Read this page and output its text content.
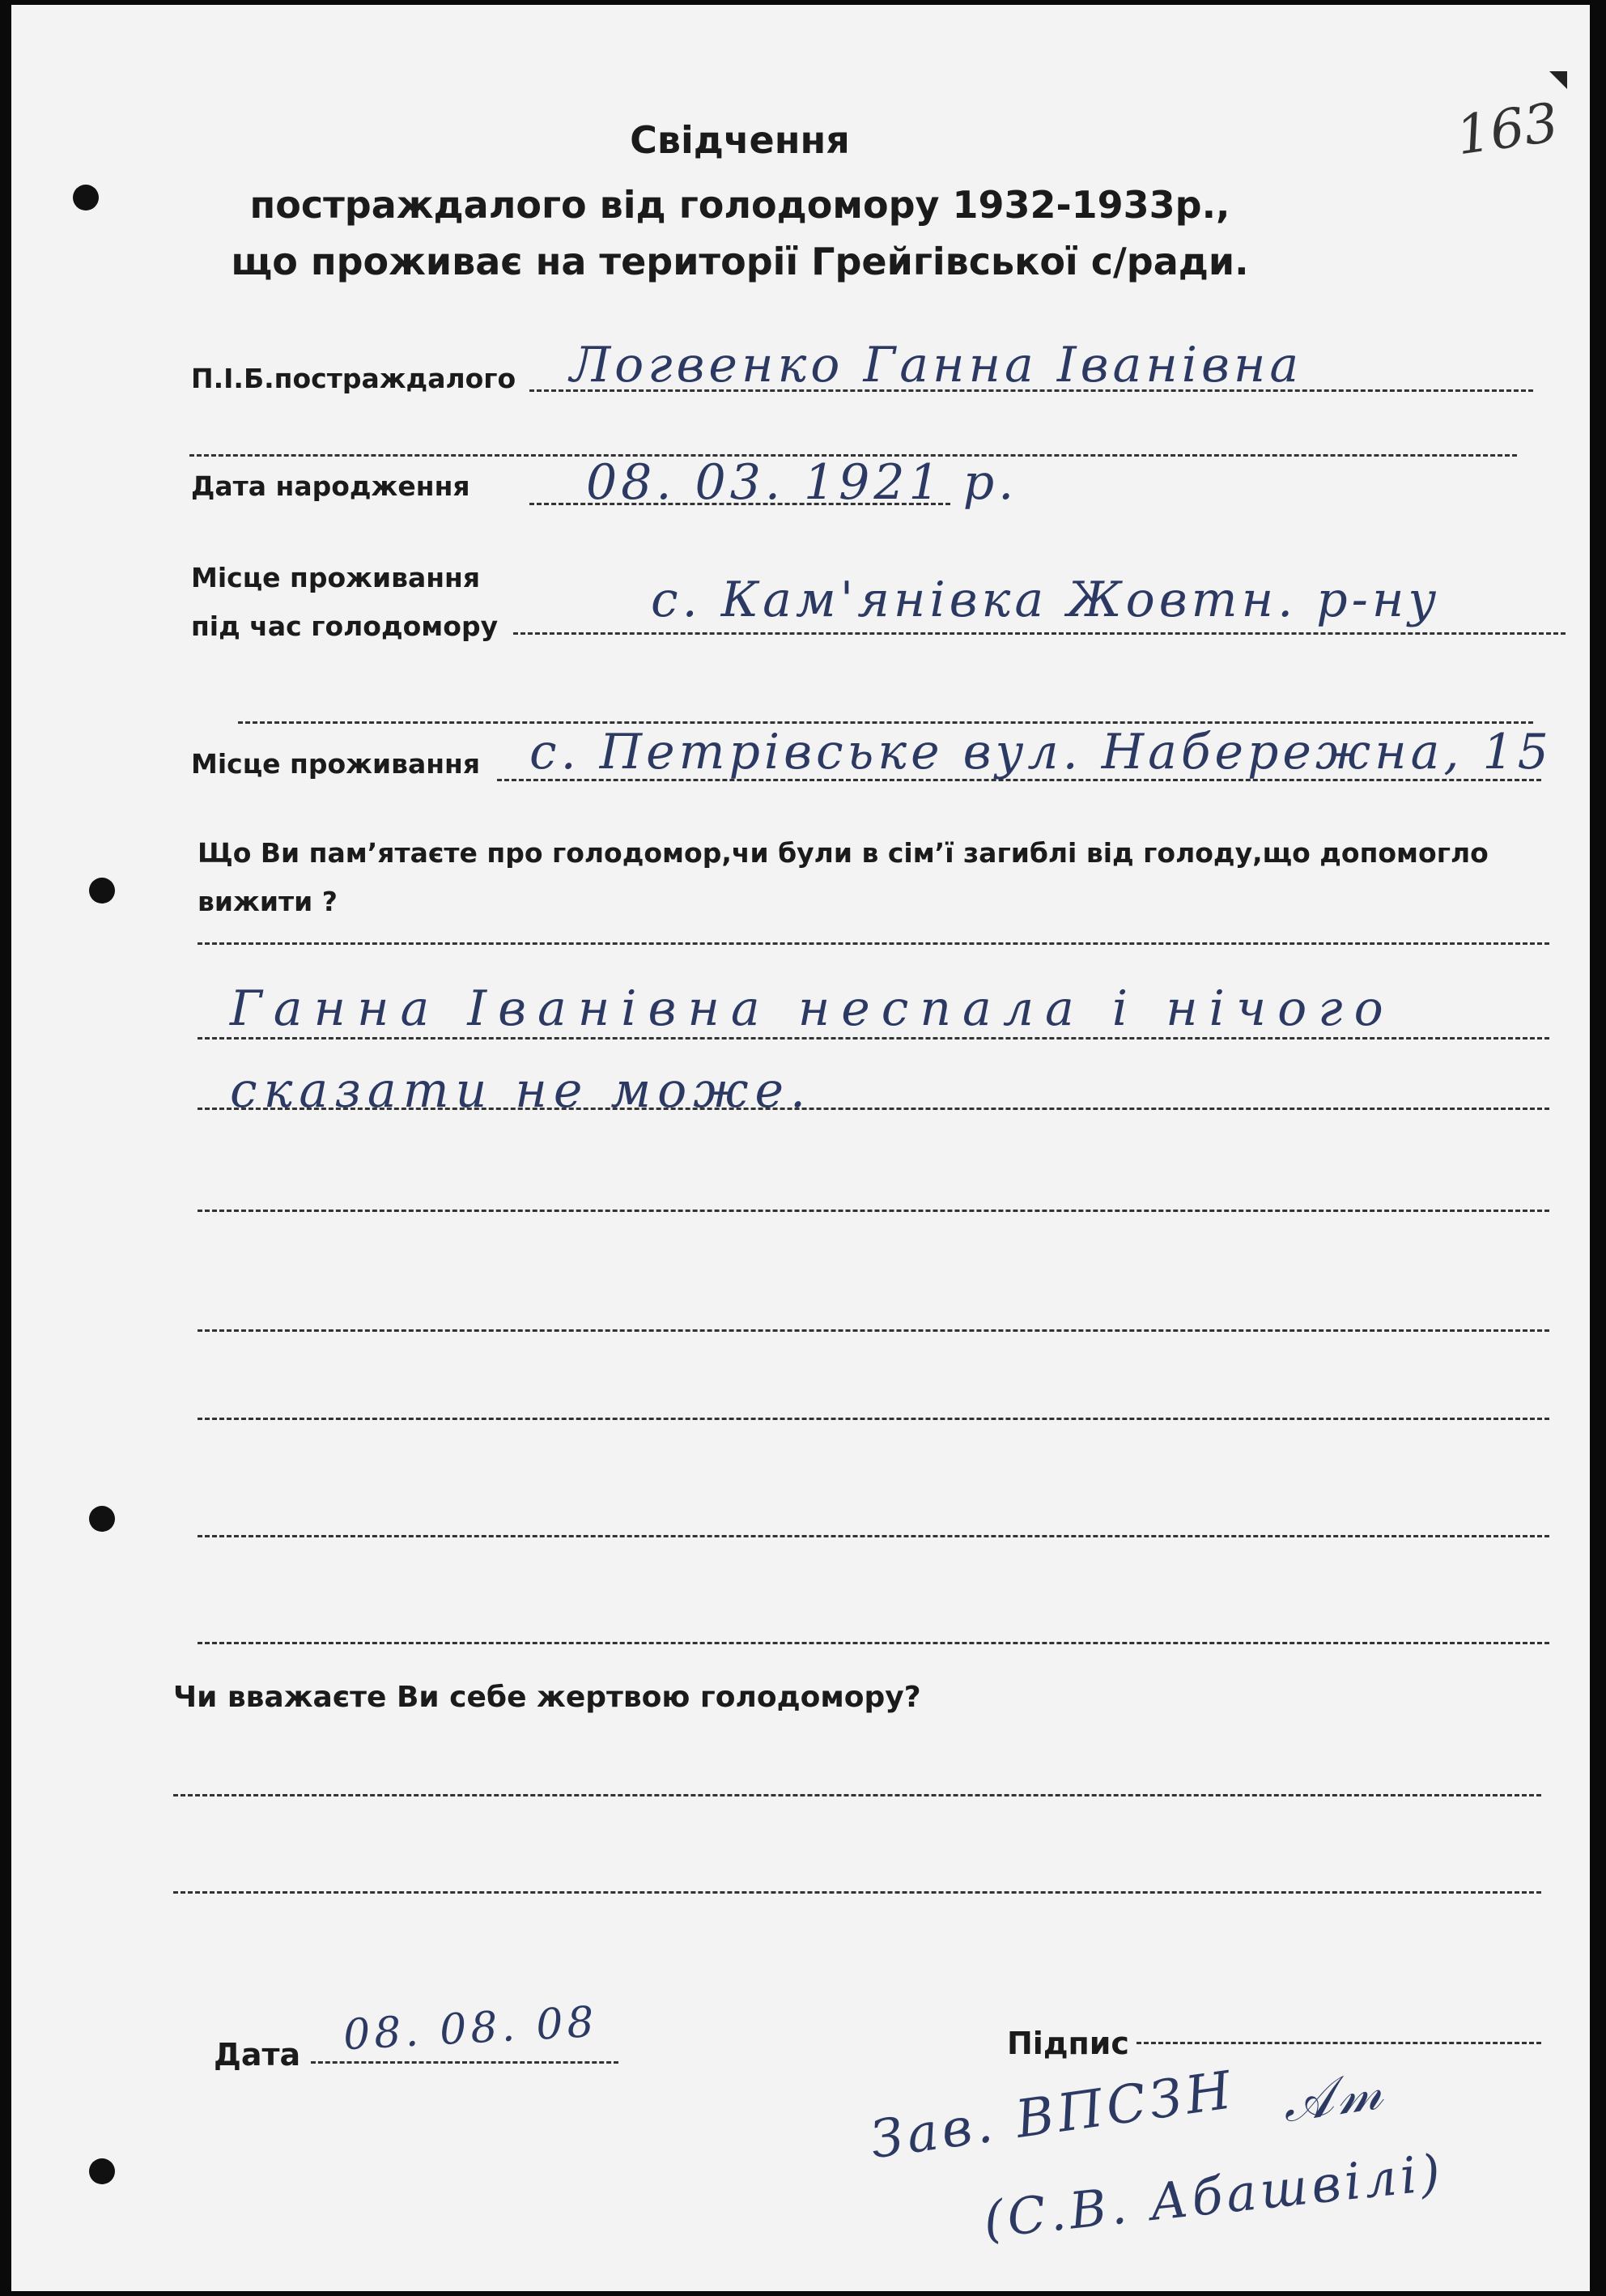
163
Свідчення
постраждалого від голодомору 1932-1933р.,
що проживає на території Грейгівської с/ради.
П.І.Б.постраждалого Логвенко Ганна Іванівна
Дата народження 08. 03. 1921 р.
Місце проживання
під час голодомору	с. Кам'янівка Жовтн. р-ну
Місце проживання с. Петрівське вул. Набережна, 15
Що Ви пам’ятаєте про голодомор,чи були в сім’ї загиблі від голоду,що допомогло
вижити ?
Ганна Іванівна неспала і нічого
сказати не може.
Чи вважаєте Ви себе жертвою голодомору?
Дата 08. 08. 08	Підпис
Зав. ВПСЗН 𝒜𝓂
(С.В. Абашвілі)
